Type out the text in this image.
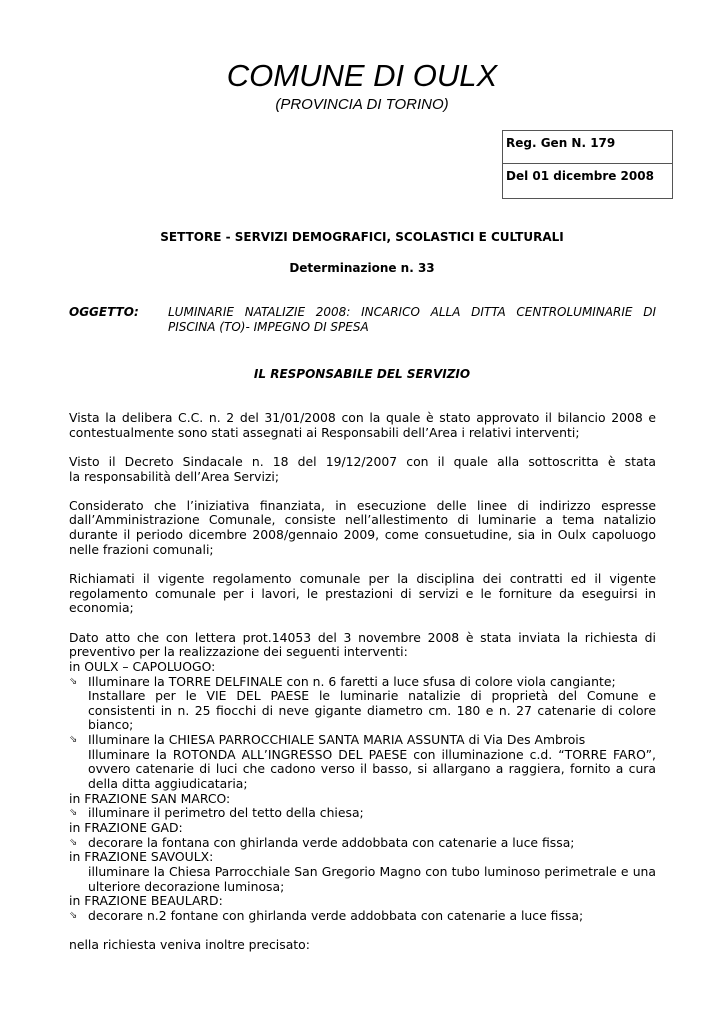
COMUNE DI OULX
(PROVINCIA DI TORINO)
Reg. Gen N. 179
Del 01 dicembre 2008
SETTORE - SERVIZI DEMOGRAFICI, SCOLASTICI E CULTURALI
Determinazione n. 33
OGGETTO: LUMINARIE NATALIZIE 2008: INCARICO ALLA DITTA CENTROLUMINARIE DI
PISCINA (TO)- IMPEGNO DI SPESA
IL RESPONSABILE DEL SERVIZIO
Vista la delibera C.C. n. 2 del 31/01/2008 con la quale è stato approvato il bilancio 2008 e
contestualmente sono stati assegnati ai Responsabili dell’Area i relativi interventi;
Visto il Decreto Sindacale n. 18 del 19/12/2007 con il quale alla sottoscritta è stata
la responsabilità dell’Area Servizi;
Considerato che l’iniziativa finanziata, in esecuzione delle linee di indirizzo espresse
dall’Amministrazione Comunale, consiste nell’allestimento di luminarie a tema natalizio
durante il periodo dicembre 2008/gennaio 2009, come consuetudine, sia in Oulx capoluogo
nelle frazioni comunali;
Richiamati il vigente regolamento comunale per la disciplina dei contratti ed il vigente
regolamento comunale per i lavori, le prestazioni di servizi e le forniture da eseguirsi in
economia;
Dato atto che con lettera prot.14053 del 3 novembre 2008 è stata inviata la richiesta di
preventivo per la realizzazione dei seguenti interventi:
in OULX – CAPOLUOGO:
⇘ Illuminare la TORRE DELFINALE con n. 6 faretti a luce sfusa di colore viola cangiante;
Installare per le VIE DEL PAESE le luminarie natalizie di proprietà del Comune e
consistenti in n. 25 fiocchi di neve gigante diametro cm. 180 e n. 27 catenarie di colore
bianco;
⇘ Illuminare la CHIESA PARROCCHIALE SANTA MARIA ASSUNTA di Via Des Ambrois
Illuminare la ROTONDA ALL’INGRESSO DEL PAESE con illuminazione c.d. “TORRE FARO”,
ovvero catenarie di luci che cadono verso il basso, si allargano a raggiera, fornito a cura
della ditta aggiudicataria;
in FRAZIONE SAN MARCO:
⇘ illuminare il perimetro del tetto della chiesa;
in FRAZIONE GAD:
⇘ decorare la fontana con ghirlanda verde addobbata con catenarie a luce fissa;
in FRAZIONE SAVOULX:
illuminare la Chiesa Parrocchiale San Gregorio Magno con tubo luminoso perimetrale e una
ulteriore decorazione luminosa;
in FRAZIONE BEAULARD:
⇘ decorare n.2 fontane con ghirlanda verde addobbata con catenarie a luce fissa;
nella richiesta veniva inoltre precisato:
